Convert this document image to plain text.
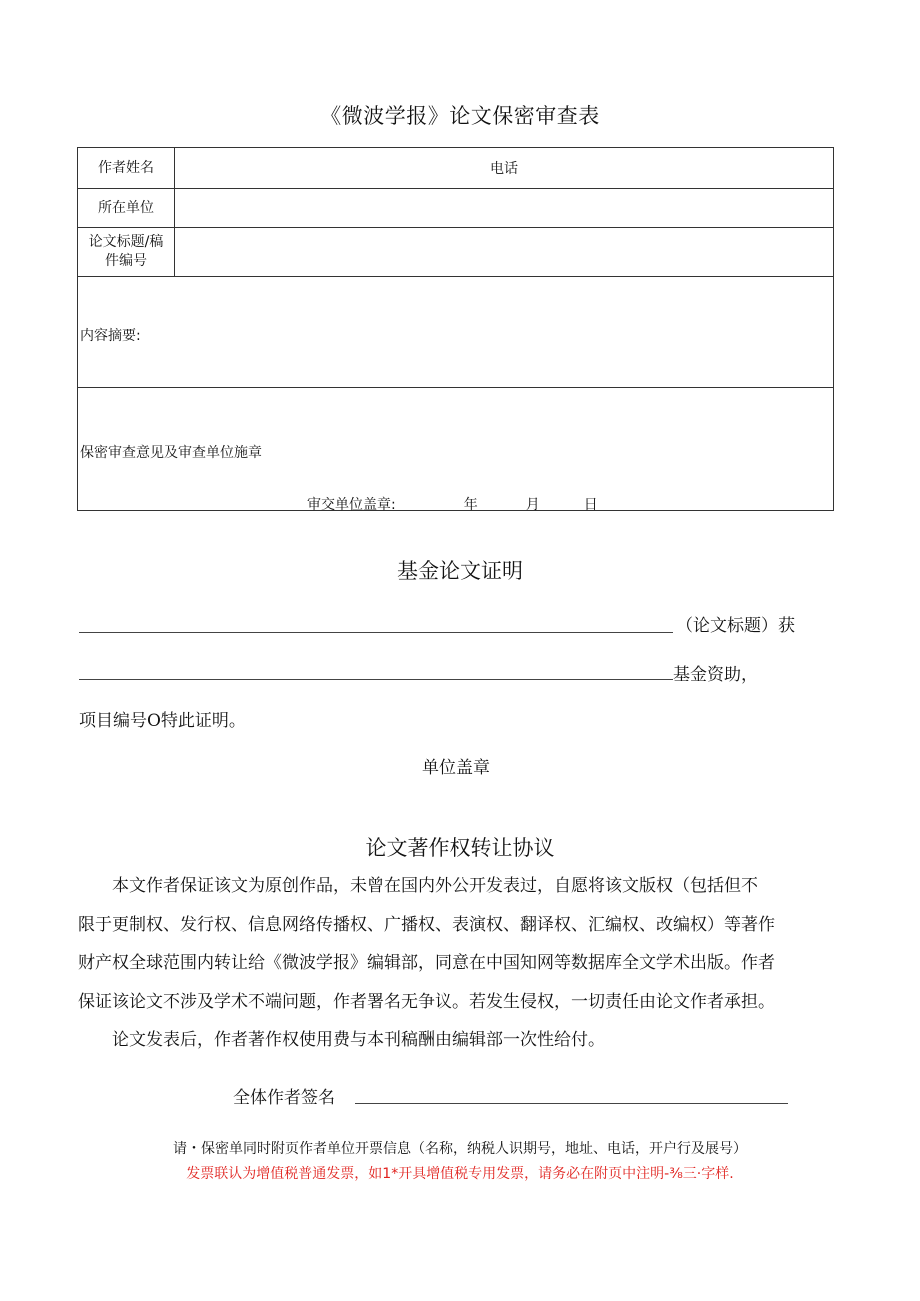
《微波学报》论文保密审查表
作者姓名	电话
所在单位	

论文标题/稿
件编号	

内容摘要:	

保密审查意见及审查单位施章
审交单位盖章: 年 月 日	
基金论文证明
（论文标题）获
基金资助，
项目编号O特此证明。
单位盖章
论文著作权转让协议
本文作者保证该文为原创作品，未曾在国内外公开发表过，自愿将该文版权（包括但不
限于更制权、发行权、信息网络传播权、广播权、表演权、翻译权、汇编权、改编权）等著作
财产权全球范围内转让给《微波学报》编辑部，同意在中国知网等数据库全文学术出版。作者
保证该论文不涉及学术不端问题，作者署名无争议。若发生侵权，一切责任由论文作者承担。
论文发表后，作者著作权使用费与本刊稿酬由编辑部一次性给付。
全体作者签名
请・保密单同时附页作者单位开票信息（名称，纳税人识期号，地址、电话，开户行及展号）
发票联认为增值税普通发票，如1*开具增值税专用发票，请务必在附页中注明-⅜三·字样.
